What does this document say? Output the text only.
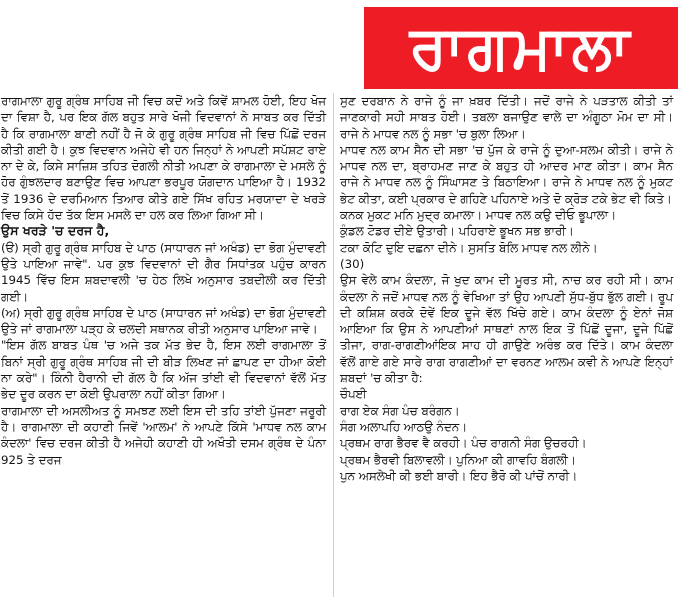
ਰਾਗਮਾਲਾ

ਰਾਗਮਾਲਾ ਗੁਰੂ ਗ੍ਰੰਥ ਸਾਹਿਬ ਜੀ ਵਿਚ ਕਦੋਂ ਅਤੇ ਕਿਵੇਂ ਸ਼ਾਮਲ ਹੋਈ, ਇਹ ਖੋਜ ਦਾ ਵਿਸ਼ਾ ਹੈ, ਪਰ ਇਕ ਗੱਲ ਬਹੁਤ ਸਾਰੇ ਖੋਜੀ ਵਿਦਵਾਨਾਂ ਨੇ ਸਾਬਤ ਕਰ ਦਿੱਤੀ ਹੈ ਕਿ ਰਾਗਮਾਲਾ ਬਾਣੀ ਨਹੀਂ ਹੈ ਜੋ ਕੇ ਗੁਰੂ ਗ੍ਰੰਥ ਸਾਹਿਬ ਜੀ ਵਿਚ ਪਿੱਛੋਂ ਦਰਜ ਕੀਤੀ ਗਈ ਹੈ। ਕੁਝ ਵਿਦਵਾਨ ਅਜੇਹੇ ਵੀ ਹਨ ਜਿਨ੍ਹਾਂ ਨੇ ਆਪਣੀ ਸਪੱਸ਼ਟ ਰਾਏ ਨਾ ਦੇ ਕੇ, ਕਿਸੇ ਸਾਜ਼ਿਸ਼ ਤਹਿਤ ਦੋਗਲੀ ਨੀਤੀ ਅਪਣਾ ਕੇ ਰਾਗਮਾਲਾ ਦੇ ਮਸਲੇ ਨੂੰ ਹੋਰ ਗੁੰਝਲਦਾਰ ਬਣਾਉਣ ਵਿਚ ਆਪਣਾ ਭਰਪੂਰ ਯੋਗਦਾਨ ਪਾਇਆ ਹੈ। 1932 ਤੋਂ 1936 ਦੇ ਦਰਮਿਆਨ ਤਿਆਰ ਕੀਤੇ ਗਏ ਸਿੱਖ ਰਹਿਤ ਮਰਯਾਦਾ ਦੇ ਖਰੜੇ ਵਿਚ ਕਿਸੇ ਹੱਦ ਤੱਕ ਇਸ ਮਸਲੇ ਦਾ ਹਲ ਕਰ ਲਿਆ ਗਿਆ ਸੀ।

ਉਸ ਖਰੜੇ 'ਚ ਦਰਜ ਹੈ,

(ੳ) ਸ੍ਰੀ ਗੁਰੂ ਗ੍ਰੰਥ ਸਾਹਿਬ ਦੇ ਪਾਠ (ਸਾਧਾਰਨ ਜਾਂ ਅਖੰਡ) ਦਾ ਭੋਗ ਮੁੰਦਾਵਣੀ ਉਤੇ ਪਾਇਆ ਜਾਵੇ". ਪਰ ਕੁਝ ਵਿਦਵਾਨਾਂ ਦੀ ਗੈਰ ਸਿਧਾਂਤਕ ਪਹੁੰਚ ਕਾਰਨ 1945 ਵਿੱਚ ਇਸ ਸ਼ਬਦਾਵਲੀ 'ਚ ਹੇਠ ਲਿਖੇ ਅਨੁਸਾਰ ਤਬਦੀਲੀ ਕਰ ਦਿੱਤੀ ਗਈ।

(ਅ) ਸ੍ਰੀ ਗੁਰੂ ਗ੍ਰੰਥ ਸਾਹਿਬ ਦੇ ਪਾਠ (ਸਾਧਾਰਨ ਜਾਂ ਅਖੰਡ) ਦਾ ਭੋਗ ਮੁੰਦਾਵਣੀ ਉਤੇ ਜਾਂ ਰਾਗਮਾਲਾ ਪੜ੍ਹ ਕੇ ਚਲਦੀ ਸਥਾਨਕ ਰੀਤੀ ਅਨੁਸਾਰ ਪਾਇਆ ਜਾਵੇ।

"ਇਸ ਗੱਲ ਬਾਬਤ ਪੰਥ 'ਚ ਅਜੇ ਤਕ ਮੱਤ ਭੇਦ ਹੈ, ਇਸ ਲਈ ਰਾਗਮਾਲਾ ਤੋਂ ਬਿਨਾਂ ਸ੍ਰੀ ਗੁਰੂ ਗ੍ਰੰਥ ਸਾਹਿਬ ਜੀ ਦੀ ਬੀੜ ਲਿਖਣ ਜਾਂ ਛਾਪਣ ਦਾ ਹੀਆ ਕੋਈ ਨਾ ਕਰੇ"। ਕਿੰਨੀ ਹੈਰਾਨੀ ਦੀ ਗੱਲ ਹੈ ਕਿ ਅੱਜ ਤਾਂਈ ਵੀ ਵਿਦਵਾਨਾਂ ਵੱਲੋਂ ਮੱਤ ਭੇਦ ਦੂਰ ਕਰਨ ਦਾ ਕੋਈ ਉਪਰਾਲਾ ਨਹੀਂ ਕੀਤਾ ਗਿਆ।

ਰਾਗਮਾਲਾ ਦੀ ਅਸਲੀਅਤ ਨੂੰ ਸਮਝਣ ਲਈ ਇਸ ਦੀ ਤਹਿ ਤਾਂਈ ਪੁੱਜਣਾ ਜਰੂਰੀ ਹੈ। ਰਾਗਮਾਲਾ ਦੀ ਕਹਾਣੀ ਜਿਵੇਂ 'ਆਲਮ' ਨੇ ਆਪਣੇ ਕਿੱਸੇ 'ਮਾਧਵ ਨਲ ਕਾਮ ਕੰਦਲਾ' ਵਿਚ ਦਰਜ ਕੀਤੀ ਹੈ ਅਜੇਹੀ ਕਹਾਣੀ ਹੀ ਅਖੌਤੀ ਦਸਮ ਗ੍ਰੰਥ ਦੇ ਪੰਨਾ 925 ਤੇ ਦਰਜ

ਸੁਣ ਦਰਬਾਨ ਨੇ ਰਾਜੇ ਨੂੰ ਜਾ ਖ਼ਬਰ ਦਿੱਤੀ। ਜਦੋਂ ਰਾਜੇ ਨੇ ਪੜਤਾਲ ਕੀਤੀ ਤਾਂ ਜਾਣਕਾਰੀ ਸਹੀ ਸਾਬਤ ਹੋਈ। ਤਬਲਾ ਬਜਾਉਣ ਵਾਲੇ ਦਾ ਅੰਗੂਠਾ ਮੋਮ ਦਾ ਸੀ। ਰਾਜੇ ਨੇ ਮਾਧਵ ਨਲ ਨੂੰ ਸਭਾ 'ਚ ਬੁਲਾ ਲਿਆ।

ਮਾਧਵ ਨਲ ਕਾਮ ਸੈਨ ਦੀ ਸਭਾ 'ਚ ਪੁੱਜ ਕੇ ਰਾਜੇ ਨੂੰ ਦੁਆ-ਸਲਮ ਕੀਤੀ। ਰਾਜੇ ਨੇ ਮਾਧਵ ਨਲ ਦਾ, ਬ੍ਰਾਹਮਣ ਜਾਣ ਕੇ ਬਹੁਤ ਹੀ ਆਦਰ ਮਾਣ ਕੀਤਾ। ਕਾਮ ਸੈਨ ਰਾਜੇ ਨੇ ਮਾਧਵ ਨਲ ਨੂੰ ਸਿੰਘਾਸਣ ਤੇ ਬਿਠਾਇਆ। ਰਾਜੇ ਨੇ ਮਾਧਵ ਨਲ ਨੂੰ ਮੁਕਟ ਭੇਟ ਕੀਤਾ, ਕਈ ਪ੍ਰਕਾਰ ਦੇ ਗਹਿਣੇ ਪਹਿਨਾਏ ਅਤੇ ਦੋ ਕ੍ਰੋੜ ਟਕੇ ਭੇਟ ਵੀ ਕਿਤੇ।

ਕਨਕ ਮੁਕਟ ਮਨਿ ਮੁਦ੍ਰ ਕਮਾਲਾ। ਮਾਧਵ ਨਲ ਕਉ ਦੀਓ ਭੂਪਾਲਾ।

ਕੁੰਡਲ ਟੋਡਰ ਦੀਏ ਉਤਾਰੀ। ਪਹਿਰਾਏ ਭੂਖਨ ਸਭ ਭਾਰੀ।

ਟਕਾ ਕੋਟਿ ਦੁਇ ਦਛਨਾ ਦੀਨੇ। ਸੁਸਤਿ ਬੋਲਿ ਮਾਧਵ ਨਲ ਲੀਨੇ।

(30)

ਉਸ ਵੇਲੇ ਕਾਮ ਕੰਦਲਾ, ਜੋ ਖੁਦ ਕਾਮ ਦੀ ਮੂਰਤ ਸੀ, ਨਾਚ ਕਰ ਰਹੀ ਸੀ। ਕਾਮ ਕੰਦਲਾ ਨੇ ਜਦੋਂ ਮਾਧਵ ਨਲ ਨੂੰ ਵੇਖਿਆ ਤਾਂ ਉਹ ਆਪਣੀ ਸੁੱਧ-ਬੁੱਧ ਭੁੱਲ ਗਈ। ਰੂਪ ਦੀ ਕਸ਼ਿਸ਼ ਕਰਕੇ ਦੋਵੇਂ ਇਕ ਦੂਜੇ ਵੱਲ ਖਿੱਚੇ ਗਏ। ਕਾਮ ਕੰਦਲਾ ਨੂੰ ਏਨਾਂ ਜੋਸ਼ ਆਇਆ ਕਿ ਉਸ ਨੇ ਆਪਣੀਆਂ ਸਾਥਣਾਂ ਨਾਲ ਇਕ ਤੋਂ ਪਿੱਛੋਂ ਦੂਜਾ, ਦੂਜੇ ਪਿੱਛੋਂ ਤੀਜਾ, ਰਾਗ-ਰਾਗਣੀਆਂਇਕ ਸਾਹ ਹੀ ਗਾਉਣੇ ਅਰੰਭ ਕਰ ਦਿੱਤੇ। ਕਾਮ ਕੰਦਲਾ ਵੱਲੋਂ ਗਾਏ ਗਏ ਸਾਰੇ ਰਾਗ ਰਾਗਣੀਆਂ ਦਾ ਵਰਨਣ ਆਲਮ ਕਵੀ ਨੇ ਆਪਣੇ ਇਨ੍ਹਾਂ ਸ਼ਬਦਾਂ 'ਚ ਕੀਤਾ ਹੈ:

ਚੌਪਈ

ਰਾਗ ਏਕ ਸੰਗ ਪੰਚ ਬਰੰਗਨ।

ਸੰਗ ਅਲਾਪਹਿ ਆਠਉ ਨੰਦਨ।

ਪ੍ਰਥਮ ਰਾਗ ਭੈਰਵ ਵੈ ਕਰਹੀ। ਪੰਚ ਰਾਗਨੀ ਸੰਗ ਉਚਰਹੀ।

ਪ੍ਰਥਮ ਭੈਰਵੀ ਬਿਲਾਵਲੀ। ਪੁਨਿਆ ਕੀ ਗਾਵਹਿ ਬੰਗਲੀ।

ਪੁਨ ਅਸਲੇਖੀ ਕੀ ਭਈ ਬਾਰੀ। ਇਹ ਭੈਰੋ ਕੀ ਪਾਂਚੋਂ ਨਾਰੀ।
